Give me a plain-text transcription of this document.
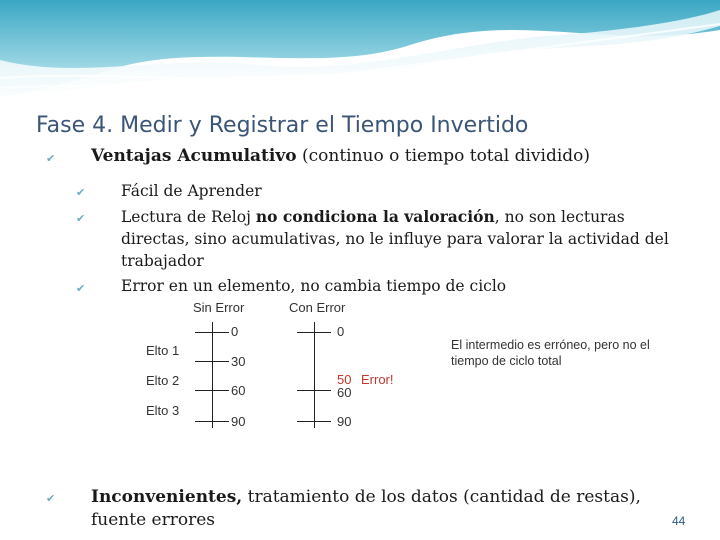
Fase 4. Medir y Registrar el Tiempo Invertido
✔ Ventajas Acumulativo (continuo o tiempo total dividido)
✔	Fácil de Aprender
✔	Lectura de Reloj no condiciona la valoración, no son lecturas directas, sino acumulativas, no le influye para valorar la actividad del trabajador
✔	Error en un elemento, no cambia tiempo de ciclo
Sin Error	Con Error
Elto 1
Elto 2
Elto 3
0
30
60
90
0
50 Error!
60
90
El intermedio es erróneo, pero no el tiempo de ciclo total
✔ Inconvenientes, tratamiento de los datos (cantidad de restas), fuente errores	44
